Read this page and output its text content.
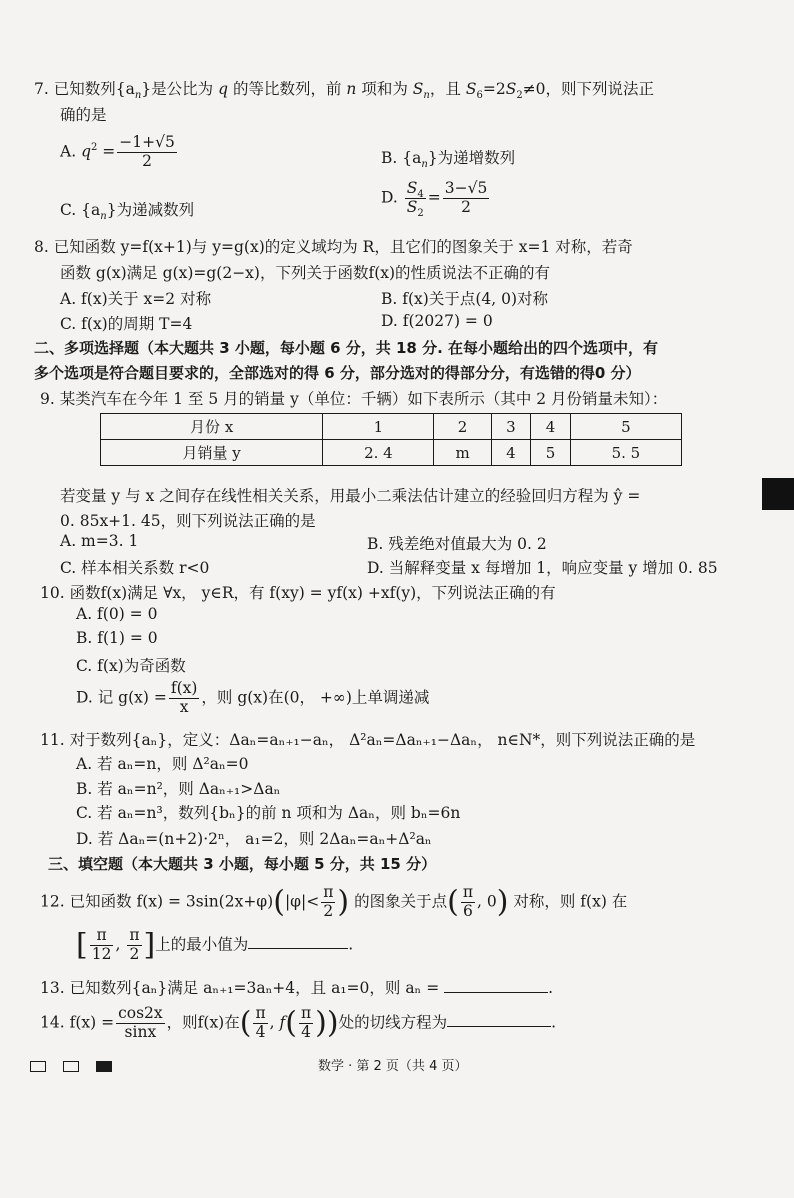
7. 已知数列$\{a_n\}$是公比为 q 的等比数列，前 n 项和为 $S_n$，且 $S_6=2S_2\ne 0$，则下列说法正
确的是
A. $q^2 = \frac{-1+√5}{2}$	B. $\{a_n\}$为递增数列
C. $\{a_n\}$为递减数列
D. $\frac{S_4}{S_2} = \frac{3-√5}{2}$
8. 已知函数 y=f(x+1)与 y=g(x)的定义域均为 R，且它们的图象关于 x=1 对称，若奇
函数 g(x)满足 g(x)=g(2−x)，下列关于函数f(x)的性质说法不正确的有
A. f(x)关于 x=2 对称	B. f(x)关于点(4, 0)对称
C. f(x)的周期 T=4	D. f(2027) = 0
二、多项选择题（本大题共 3 小题，每小题 6 分，共 18 分. 在每小题给出的四个选项中，有
多个选项是符合题目要求的，全部选对的得 6 分，部分选对的得部分分，有选错的得0 分）
9. 某类汽车在今年 1 至 5 月的销量 y（单位：千辆）如下表所示（其中 2 月份销量未知）：
月份 x	1	2	3	4	5
月销量 y	2. 4	m	4	5	5. 5
若变量 y 与 x 之间存在线性相关关系，用最小二乘法估计建立的经验回归方程为 ŷ =
0. 85x+1. 45，则下列说法正确的是
A. m=3. 1	B. 残差绝对值最大为 0. 2
C. 样本相关系数 r<0	D. 当解释变量 x 每增加 1，响应变量 y 增加 0. 85
10. 函数f(x)满足 ∀x， y∈R，有 f(xy) = yf(x) +xf(y)，下列说法正确的有
A. f(0) = 0
B. f(1) = 0
C. f(x)为奇函数
D. 记 $g(x) = \frac{f(x)}{x}$ ，则 g(x)在(0， +∞)上单调递减
11. 对于数列{aₙ}，定义：Δaₙ=aₙ₊₁−aₙ， Δ²aₙ=Δaₙ₊₁−Δaₙ， n∈N*，则下列说法正确的是
A. 若 aₙ=n，则 Δ²aₙ=0
B. 若 aₙ=n²，则 Δaₙ₊₁>Δaₙ
C. 若 aₙ=n³，数列{bₙ}的前 n 项和为 Δaₙ，则 bₙ=6n
D. 若 Δaₙ=(n+2)·2ⁿ， a₁=2，则 2Δaₙ=aₙ+Δ²aₙ
三、填空题（本大题共 3 小题，每小题 5 分，共 15 分）
12. 已知函数 $f(x) = 3\sin(2x+\varphi)(|\varphi|< \frac{\pi}{2}$ ) 的图象关于点( $\frac{\pi}{6}$ , 0) 对称，则 f(x) 在
[ $\frac{\pi}{12}$ , $\frac{\pi}{2}$ ]上的最小值为	.
13. 已知数列{aₙ}满足 aₙ₊₁=3aₙ+4，且 a₁=0，则 aₙ =	.
14. $f(x) = \frac{\cos 2x}{\sin x}$ ，则f(x)在( $\frac{\pi}{4}$ , $f( \frac{\pi}{4}$ ))处的切线方程为	.
数学 · 第 2 页（共 4 页）
